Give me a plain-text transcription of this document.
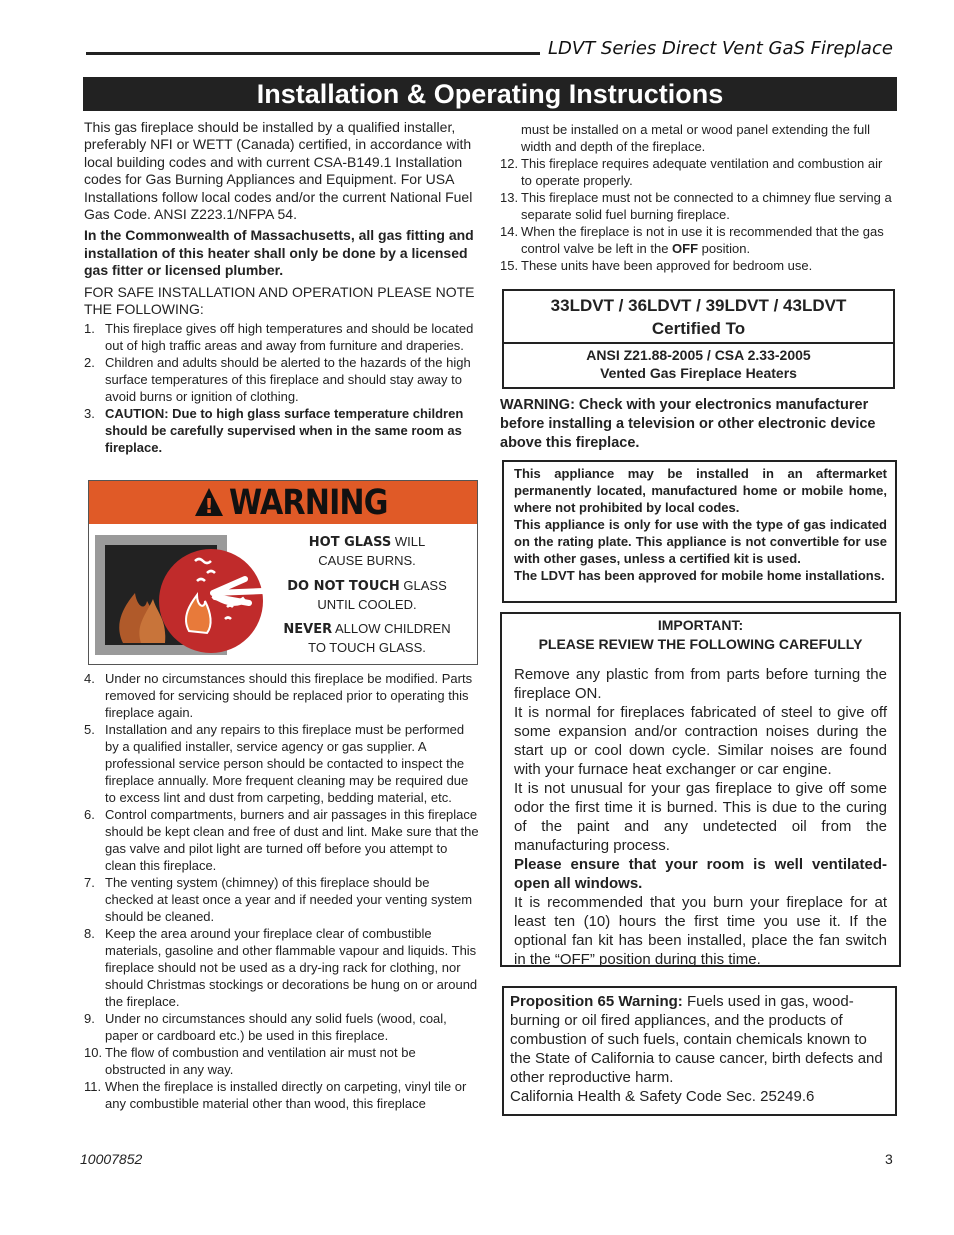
LDVT Series Direct Vent GaS Fireplace
Installation & Operating Instructions

This gas fireplace should be installed by a qualified installer, preferably NFI or WETT (Canada) certified, in accordance with local building codes and with current CSA-B149.1 Installation codes for Gas Burning Appliances and Equipment. For USA Installations follow local codes and/or the current National Fuel Gas Code. ANSI Z223.1/NFPA 54.

In the Commonwealth of Massachusetts, all gas fitting and installation of this heater shall only be done by a licensed gas fitter or licensed plumber.

FOR SAFE INSTALLATION AND OPERATION PLEASE NOTE THE FOLLOWING:

1. This fireplace gives off high temperatures and should be located out of high traffic areas and away from furniture and draperies.
2. Children and adults should be alerted to the hazards of the high surface temperatures of this fireplace and should stay away to avoid burns or ignition of clothing.
3. CAUTION: Due to high glass surface temperature children should be carefully supervised when in the same room as fireplace.
! WARNING
HOT GLASS WILL
CAUSE BURNS.
DO NOT TOUCH GLASS
UNTIL COOLED.
NEVER ALLOW CHILDREN
TO TOUCH GLASS.
4. Under no circumstances should this fireplace be modified. Parts removed for servicing should be replaced prior to operating this fireplace again.
5. Installation and any repairs to this fireplace must be performed by a qualified installer, service agency or gas supplier. A professional service person should be contacted to inspect the fireplace annually. More frequent cleaning may be required due to excess lint and dust from carpeting, bedding material, etc.
6. Control compartments, burners and air passages in this fireplace should be kept clean and free of dust and lint. Make sure that the gas valve and pilot light are turned off before you attempt to clean this fireplace.
7. The venting system (chimney) of this fireplace should be checked at least once a year and if needed your venting system should be cleaned.
8. Keep the area around your fireplace clear of combustible materials, gasoline and other flammable vapour and liquids. This fireplace should not be used as a dry-ing rack for clothing, nor should Christmas stockings or decorations be hung on or around the fireplace.
9. Under no circumstances should any solid fuels (wood, coal, paper or cardboard etc.) be used in this fireplace.
10. The flow of combustion and ventilation air must not be obstructed in any way.
11. When the fireplace is installed directly on carpeting, vinyl tile or any combustible material other than wood, this fireplace

must be installed on a metal or wood panel extending the full width and depth of the fireplace.

12. This fireplace requires adequate ventilation and combustion air to operate properly.
13. This fireplace must not be connected to a chimney flue serving a separate solid fuel burning fireplace.
14. When the fireplace is not in use it is recommended that the gas control valve be left in the OFF position.
15. These units have been approved for bedroom use.
33LDVT / 36LDVT / 39LDVT / 43LDVT
Certified To
ANSI Z21.88-2005 / CSA 2.33-2005
Vented Gas Fireplace Heaters
WARNING: Check with your electronics manufacturer before installing a television or other electronic device above this fireplace.
This appliance may be installed in an aftermarket permanently located, manufactured home or mobile home, where not prohibited by local codes.
This appliance is only for use with the type of gas indicated on the rating plate. This appliance is not convertible for use with other gases, unless a certified kit is used.
The LDVT has been approved for mobile home installations.
IMPORTANT:
PLEASE REVIEW THE FOLLOWING CAREFULLY

Remove any plastic from from parts before turning the fireplace ON.

It is normal for fireplaces fabricated of steel to give off some expansion and/or contraction noises during the start up or cool down cycle. Similar noises are found with your furnace heat exchanger or car engine.

It is not unusual for your gas fireplace to give off some odor the first time it is burned. This is due to the curing of the paint and any undetected oil from the manufacturing process.

Please ensure that your room is well ventilated-open all windows.

It is recommended that you burn your fireplace for at least ten (10) hours the first time you use it. If the optional fan kit has been installed, place the fan switch in the “OFF” position during this time.

Proposition 65 Warning: Fuels used in gas, wood-burning or oil fired appliances, and the products of combustion of such fuels, contain chemicals known to the State of California to cause cancer, birth defects and other reproductive harm.
California Health & Safety Code Sec. 25249.6
10007852	3
